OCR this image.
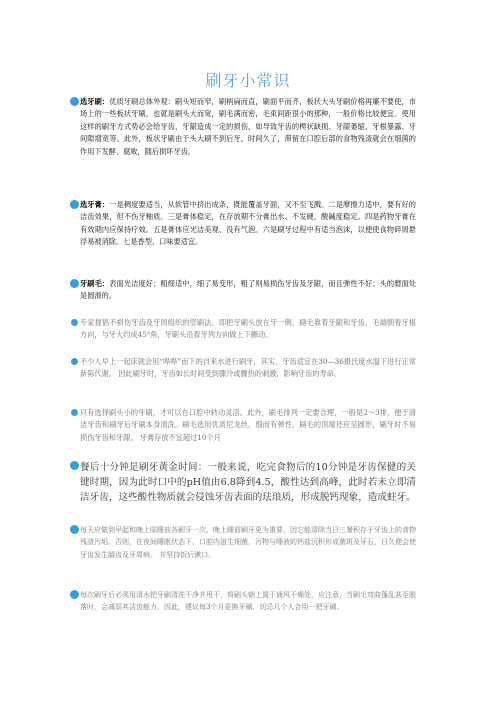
刷牙小常识
选牙刷：优质牙刷总体外观：刷头短而窄，刷柄扁而直，刷面平而齐，板状大头牙刷价格再廉不要使，市场上的一些板状牙刷，也就是刷头大而宽，刷毛满而密，毛束间距很小的那种，一般价格比较便宜。使用这样的刷牙方式势必会给牙齿、牙龈造成一定的损伤，如导致牙齿的楔状缺损、牙龈萎缩、牙根暴露、牙间隙增宽等。此外，板状牙刷由于头大刷不到后牙，时间久了，滞留在口腔后部的食物残渣就会在细菌的作用下发酵、腐败，随后损坏牙齿。
选牙膏：一是稠度要适当，从软管中挤出成条，既能覆盖牙面，又不至飞溅。二是摩擦力适中，要有好的洁齿效果，但不伤牙釉质。三是膏体稳定，在存放期不分膏出水、不发硬，酸碱度稳定。四是药物牙膏在有效期内应保持疗效。五是膏体应光洁美观、没有气泡。六是刷牙过程中有适当泡沫，以便使食物碎屑悬浮易被消除。七是香型、口味要适宜。
牙刷毛：表面光洁度好；粗细适中，细了易变形，粗了则易损伤牙齿及牙龈，而且弹性不好；头的磨面处是圆滑的。
专家提倡不损伤牙齿及牙周组织的竖刷法。即把牙刷头放在牙一侧，刷毛靠着牙龈和牙齿，毛端朝着牙根方向，与牙大约成45°角，牙刷头沿着牙列方向做上下颤动。
不少人早上一起床就会用“哗哗”而下的自来水进行刷牙，其实，牙齿适宜在30—36摄氏度水温下进行正常新陈代谢。 因此刷牙时，牙齿如长时间受到骤冷或骤热的刺激，影响牙齿的寿命。
只有选择刷头小的牙刷，才可以在口腔中转动灵活。此外，刷毛排列一定要合理，一般是2～3排，便于清洁牙齿和刷牙后牙刷本身清洗。刷毛选用优质尼龙丝，细而有弹性。刷毛的顶端还应呈圆形，刷牙时不易损伤牙齿和牙龈。 牙膏存放不宜超过10个月
餐后十分钟是刷牙黄金时间：一般来说，吃完食物后的10分钟是牙齿保健的关键时期，因为此时口中的pH值由6.8降到4.5，酸性达到高峰，此时若未立即清洁牙齿，这些酸性物质就会侵蚀牙齿表面的珐琅质，形成脱钙现象，造成蛀牙。
每天应做到早起和晚上临睡前各刷牙一次，晚上睡前刷牙更为重要，因它能清除当日三餐积存于牙齿上的食物残渣污垢。否则，在夜间睡眠状态下，口腔内滋生细菌，污物与唾液的钙盐沉积形成菌斑及牙石，日久便会使牙齿发生龋齿及牙周病。 并坚持饭后漱口。
每次刷牙后必须用清水把牙刷清洗干净并甩干，将刷头朝上置于通风干燥处，应注意，当刷毛弯曲蓬乱甚至脱落时，会减弱其洁齿能力，因此，建议每3个月更换牙刷，切忌几个人合用一把牙刷。
